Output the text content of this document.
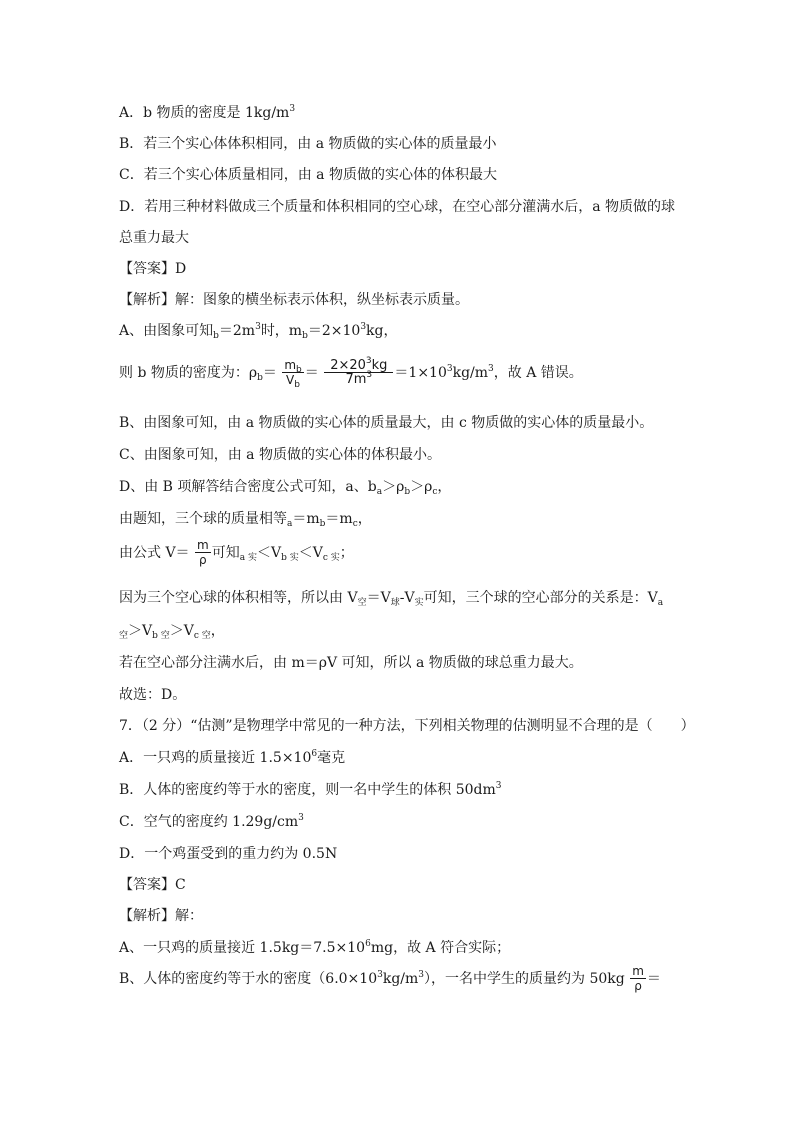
A．b 物质的密度是 $1kg/m^3$
B．若三个实心体体积相同，由 a 物质做的实心体的质量最小
C．若三个实心体质量相同，由 a 物质做的实心体的体积最大
D．若用三种材料做成三个质量和体积相同的空心球，在空心部分灌满水后，a 物质做的球
总重力最大
【答案】D
【解析】解：图象的横坐标表示体积，纵坐标表示质量。
A、由图象可知$_b=2m^3$时，$m_b=2\times 10^3kg$，
则 b 物质的密度为：$\rho_b= \frac{m_b}{V_b} = \frac{2\times 20^3kg}{7m^3} =1\times 10^3kg/m^3$，故 A 错误。
B、由图象可知，由 a 物质做的实心体的质量最大，由 c 物质做的实心体的质量最小。
C、由图象可知，由 a 物质做的实心体的体积最小。
D、由 B 项解答结合密度公式可知，a、$b_a>\rho_b>\rho_c$，
由题知，三个球的质量相等$_a=m_b=m_c$，
由公式 $V= \frac{m}{\rho}$ 可知$_{a 实}<V_{b 实}<V_{c 实}$；
因为三个空心球的体积相等，所以由 $V_空=V_球-V_实$可知，三个球的空心部分的关系是：$V_a$
$_空>V_{b 空}>V_{c 空}$，
若在空心部分注满水后，由 m＝ρV 可知，所以 a 物质做的球总重力最大。
故选：D。
7．（2 分）“估测”是物理学中常见的一种方法，下列相关物理的估测明显不合理的是（　　）
A．一只鸡的质量接近 $1.5\times 10^6$毫克
B．人体的密度约等于水的密度，则一名中学生的体积 $50dm^3$
C．空气的密度约 $1.29g/cm^3$
D．一个鸡蛋受到的重力约为 0.5N
【答案】C
【解析】解：
A、一只鸡的质量接近 $1.5kg=7.5\times 10^6mg$，故 A 符合实际；
B、人体的密度约等于水的密度$(6.0\times 10^3kg/m^3)$，一名中学生的质量约为 $50kg \frac{m}{\rho}$ ＝
